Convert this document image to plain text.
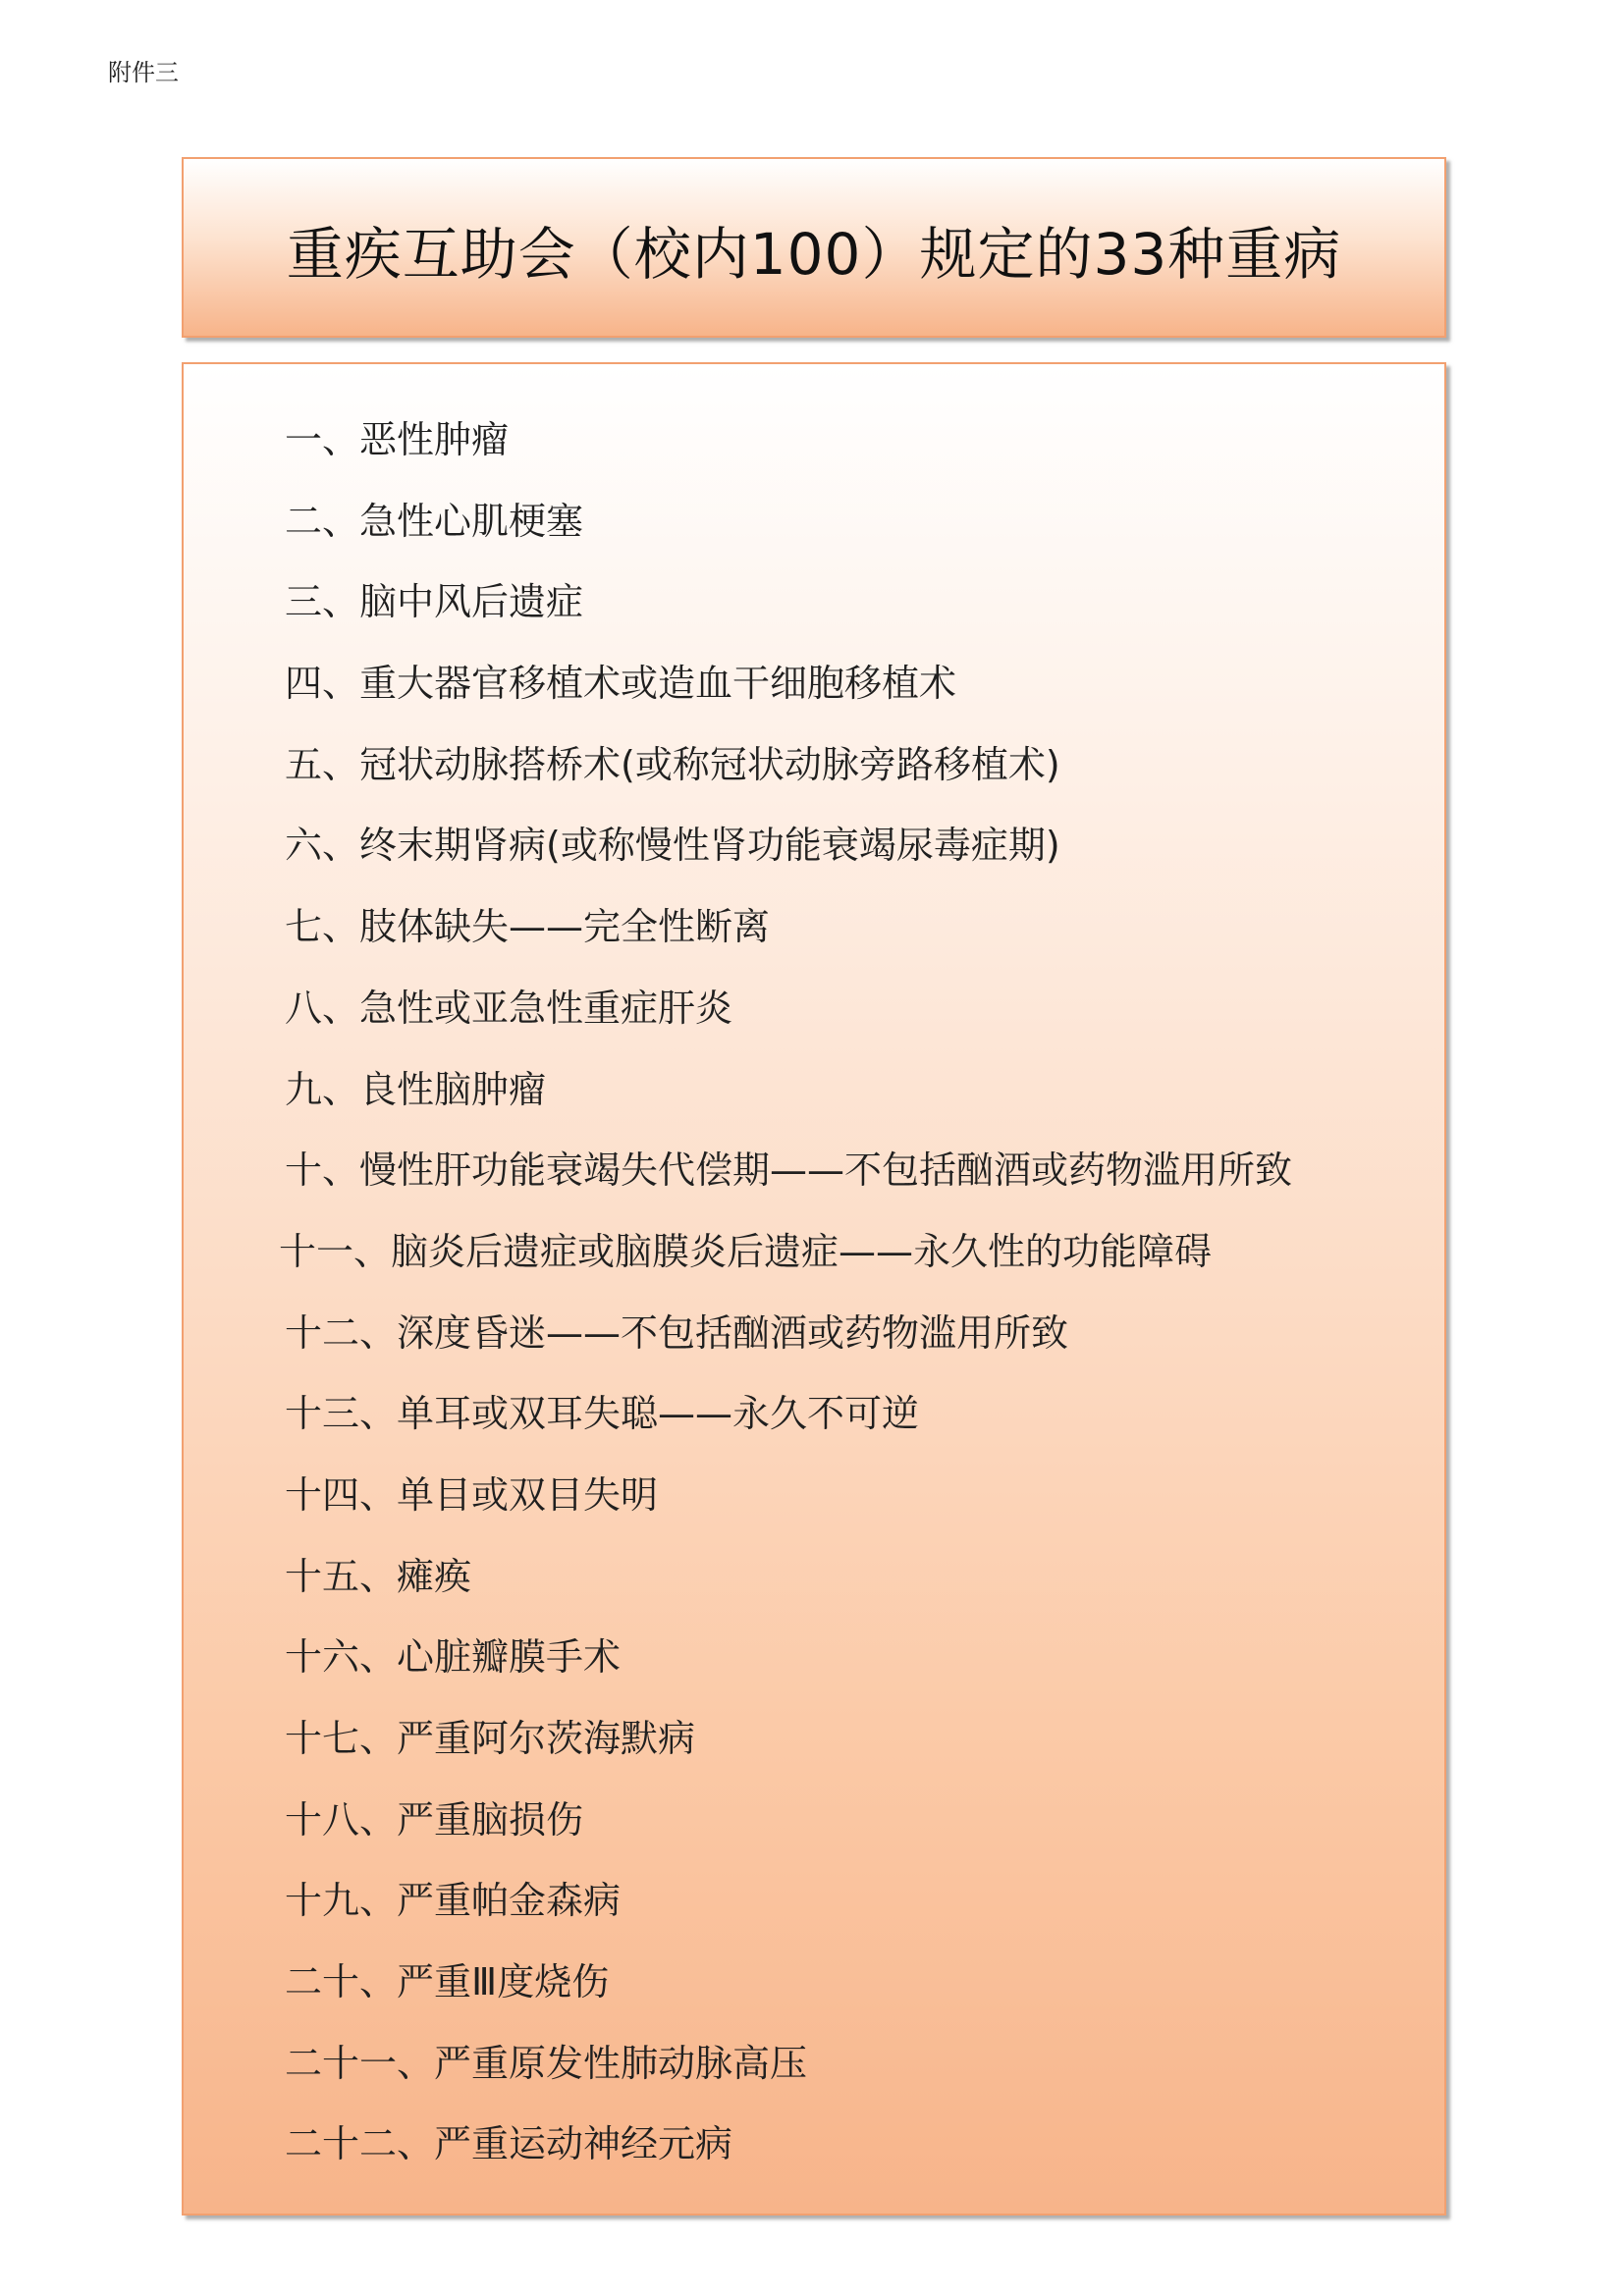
附件三
重疾互助会（校内100）规定的33种重病
一、恶性肿瘤
二、急性心肌梗塞
三、脑中风后遗症
四、重大器官移植术或造血干细胞移植术
五、冠状动脉搭桥术(或称冠状动脉旁路移植术)
六、终末期肾病(或称慢性肾功能衰竭尿毒症期)
七、肢体缺失——完全性断离
八、急性或亚急性重症肝炎
九、良性脑肿瘤
十、慢性肝功能衰竭失代偿期——不包括酗酒或药物滥用所致
十一、脑炎后遗症或脑膜炎后遗症——永久性的功能障碍
十二、深度昏迷——不包括酗酒或药物滥用所致
十三、单耳或双耳失聪——永久不可逆
十四、单目或双目失明
十五、瘫痪
十六、心脏瓣膜手术
十七、严重阿尔茨海默病
十八、严重脑损伤
十九、严重帕金森病
二十、严重Ⅲ度烧伤
二十一、严重原发性肺动脉高压
二十二、严重运动神经元病
